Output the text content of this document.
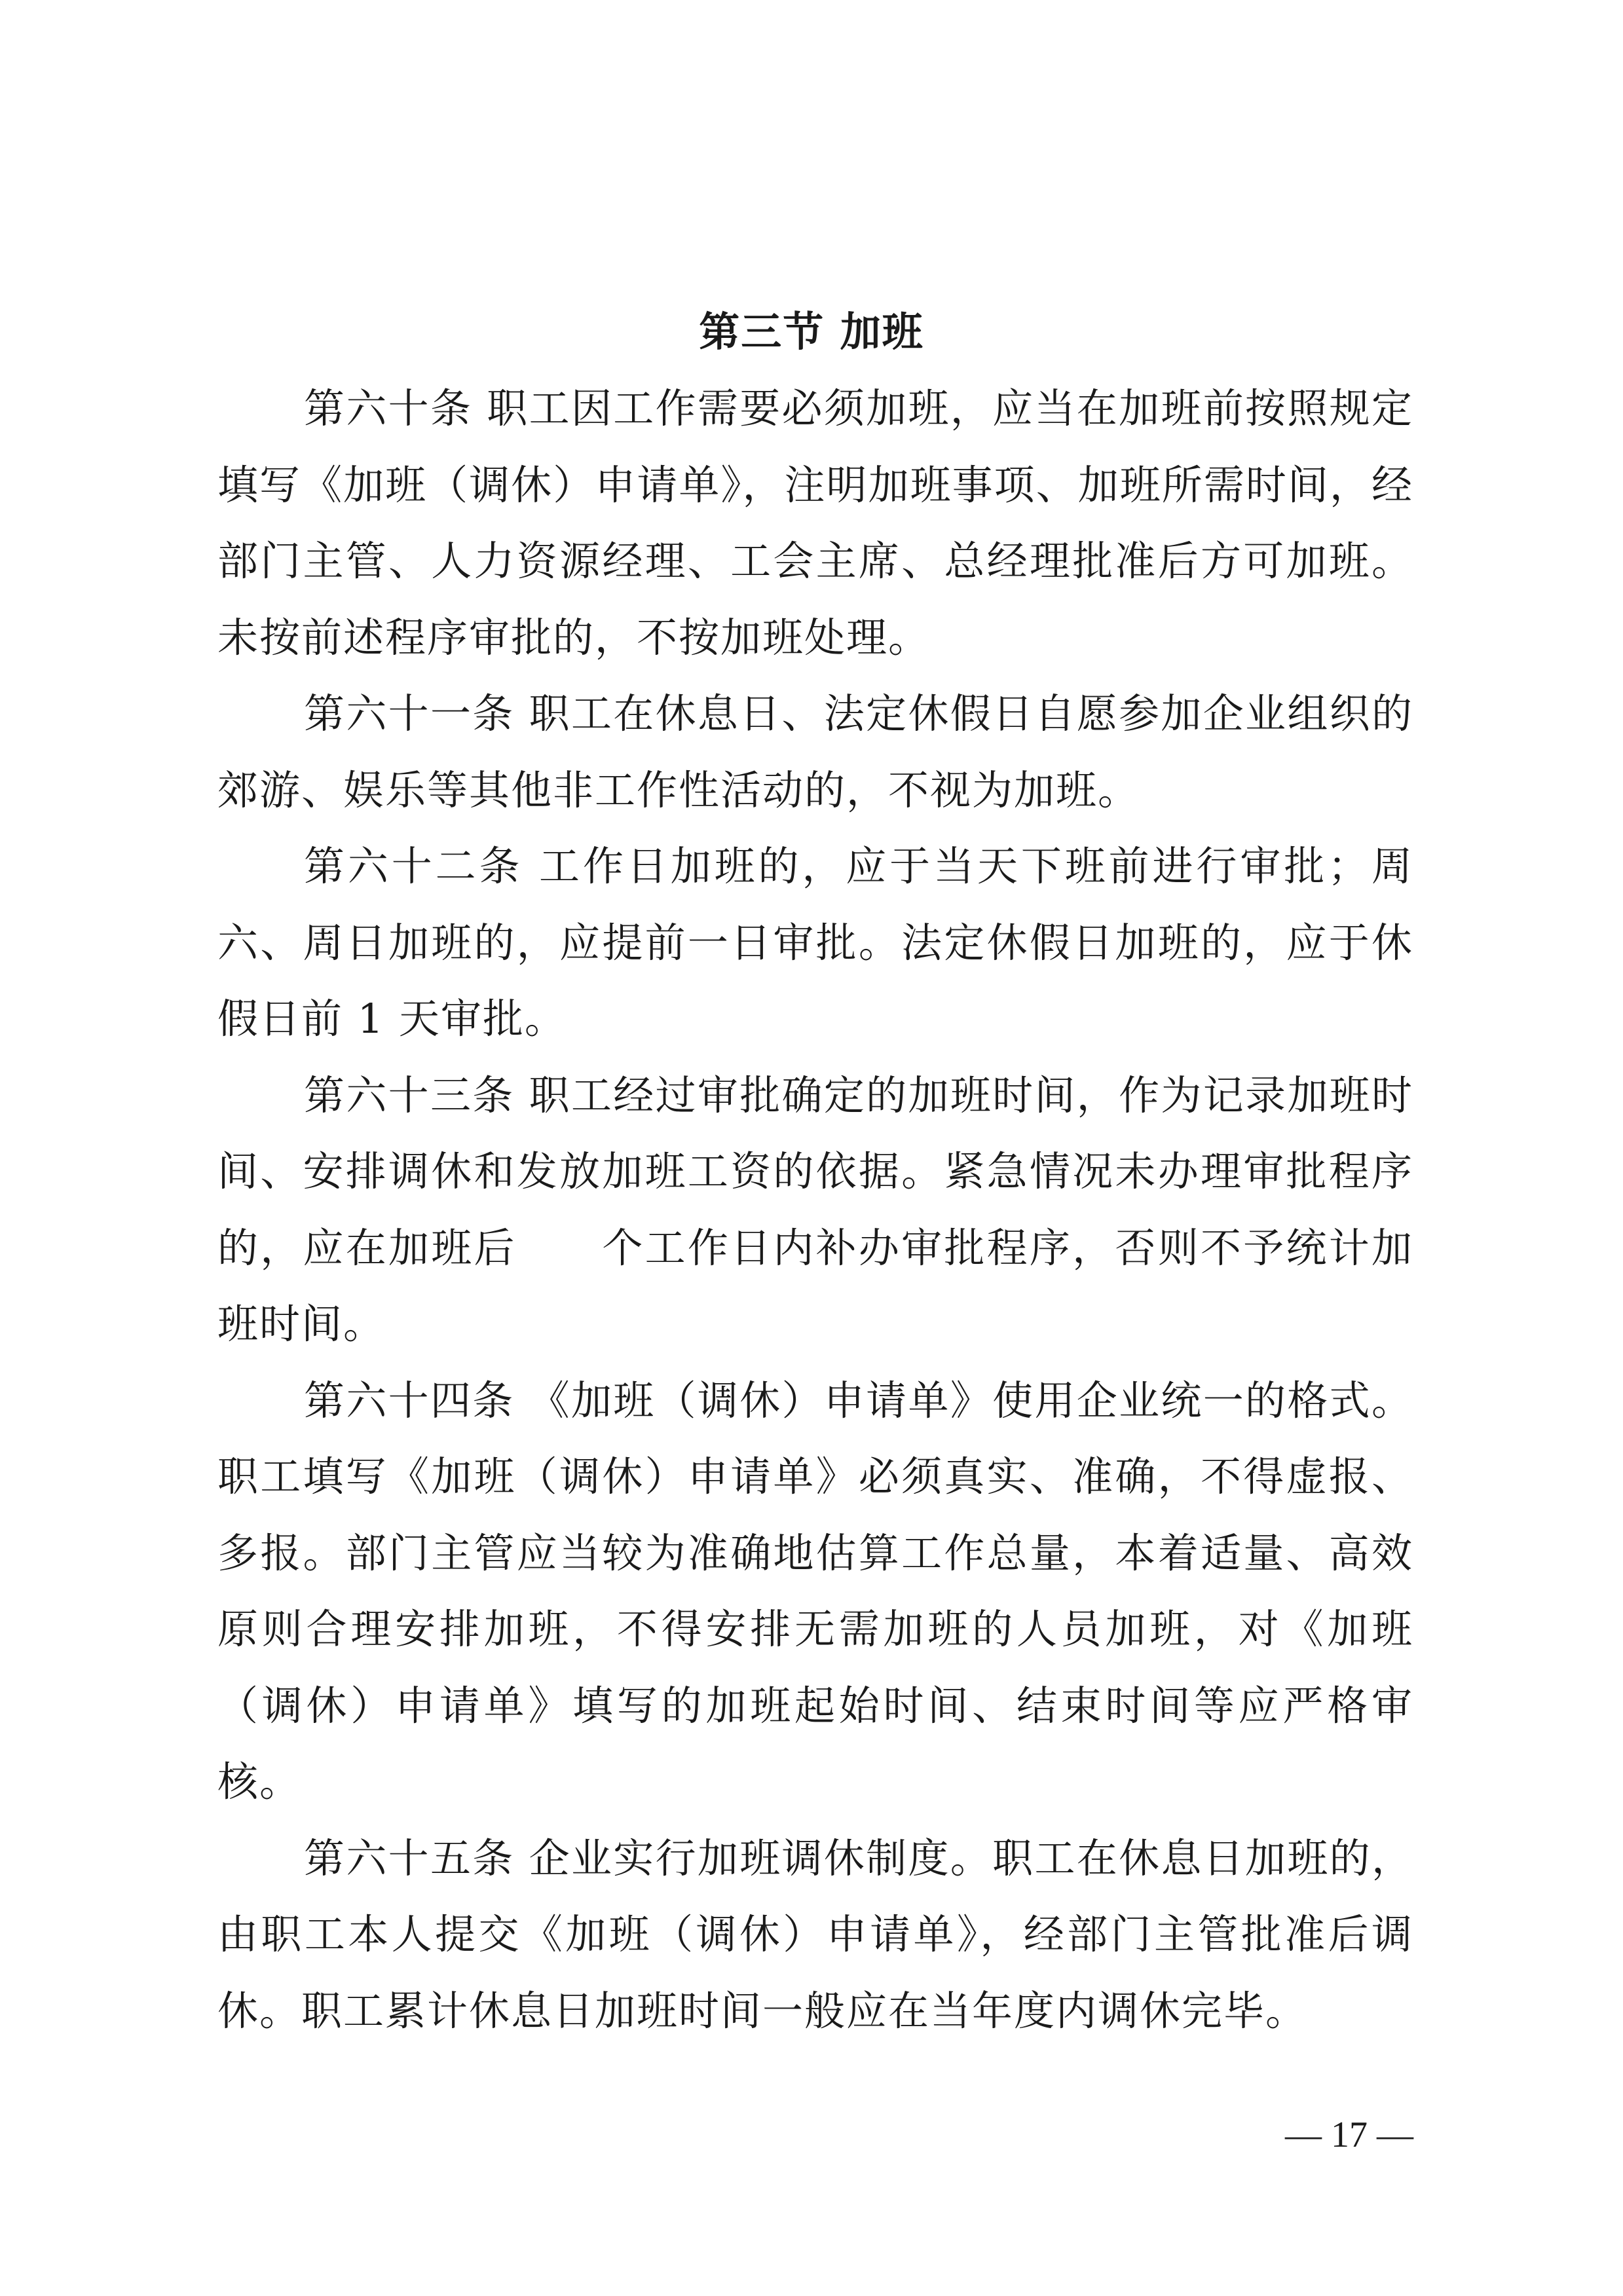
第三节 加班

第六十条 职工因工作需要必须加班，应当在加班前按照规定填写《加班（调休）申请单》，注明加班事项、加班所需时间，经部门主管、人力资源经理、工会主席、总经理批准后方可加班。未按前述程序审批的，不按加班处理。

第六十一条 职工在休息日、法定休假日自愿参加企业组织的郊游、娱乐等其他非工作性活动的，不视为加班。

第六十二条 工作日加班的，应于当天下班前进行审批；周六、周日加班的，应提前一日审批。法定休假日加班的，应于休假日前 1 天审批。

第六十三条 职工经过审批确定的加班时间，作为记录加班时间、安排调休和发放加班工资的依据。紧急情况未办理审批程序的，应在加班后　　个工作日内补办审批程序，否则不予统计加班时间。

第六十四条 《加班（调休）申请单》使用企业统一的格式。职工填写《加班（调休）申请单》必须真实、准确，不得虚报、多报。部门主管应当较为准确地估算工作总量，本着适量、高效原则合理安排加班，不得安排无需加班的人员加班，对《加班（调休）申请单》填写的加班起始时间、结束时间等应严格审核。

第六十五条 企业实行加班调休制度。职工在休息日加班的，由职工本人提交《加班（调休）申请单》，经部门主管批准后调休。职工累计休息日加班时间一般应在当年度内调休完毕。

— 17 —
